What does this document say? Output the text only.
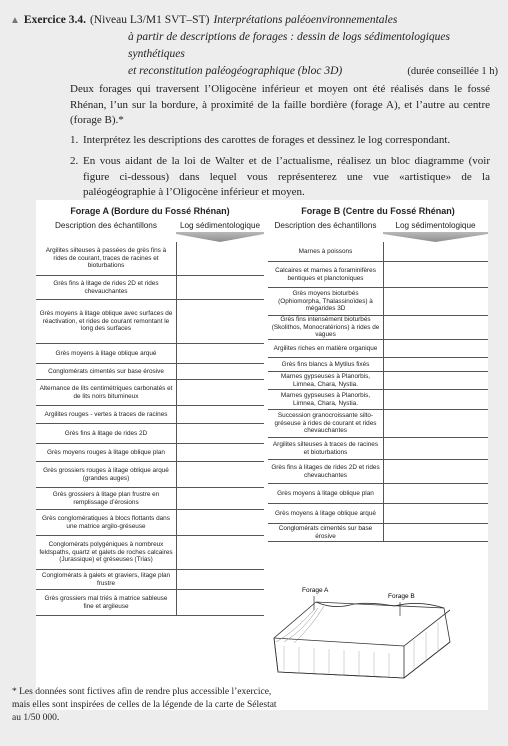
▲ Exercice 3.4. (Niveau L3/M1 SVT–ST) Interprétations paléoenvironnementales
à partir de descriptions de forages : dessin de logs sédimentologiques synthétiques
et reconstitution paléogéographique (bloc 3D)	(durée conseillée 1 h)

Deux forages qui traversent l’Oligocène inférieur et moyen ont été réalisés dans le fossé Rhénan, l’un sur la bordure, à proximité de la faille bordière (forage A), et l’autre au centre (forage B).*

1. Interprétez les descriptions des carottes de forages et dessinez le log correspondant.
2. En vous aidant de la loi de Walter et de l’actualisme, réalisez un bloc diagramme (voir figure ci-dessous) dans lequel vous représenterez une vue «artistique» de la paléogéographie à l’Oligocène inférieur et moyen.
Forage A (Bordure du Fossé Rhénan)
Description des échantillons	Log sédimentologique
Argilites silteuses à passées de grès fins à rides de courant, traces de racines et bioturbations
Grès fins à litage de rides 2D et rides chevauchantes
Grès moyens à litage oblique avec surfaces de réactivation, et rides de courant remontant le long des surfaces
Grès moyens à litage oblique arqué
Conglomérats cimentés sur base érosive
Alternance de lits centimétriques carbonatés et de lits noirs bitumineux
Argilites rouges - vertes à traces de racines
Grès fins à litage de rides 2D
Grès moyens rouges à litage oblique plan
Grès grossiers rouges à litage oblique arqué (grandes auges)
Grès grossiers à litage plan frustre en remplissage d’érosions
Grès conglomératiques à blocs flottants dans une matrice argilo-gréseuse
Conglomérats polygéniques à nombreux feldspaths, quartz et galets de roches calcaires (Jurassique) et gréseuses (Trias)
Conglomérats à galets et graviers, litage plan frustre
Grès grossiers mal triés à matrice sableuse fine et argileuse
Forage B (Centre du Fossé Rhénan)
Description des échantillons	Log sédimentologique
Marnes à poissons
Calcaires et marnes à foraminifères bentiques et planctoniques
Grès moyens bioturbés (Ophiomorpha, Thalassinoïdes) à mégarides 3D
Grès fins intensément bioturbés (Skolithos, Monocratérions) à rides de vagues
Argilites riches en matière organique
Grès fins blancs à Mytilus fixés
Marnes gypseuses à Planorbis, Limnea, Chara, Nystia.
Marnes gypseuses à Planorbis, Limnea, Chara, Nystia.
Succession granocroissante silto-gréseuse à rides de courant et rides chevauchantes
Argilites silteuses à traces de racines et bioturbations
Grès fins à litages de rides 2D et rides chevauchantes
Grès moyens à litage oblique plan
Grès moyens à litage oblique arqué
Conglomérats cimentés sur base érosive
Forage A
Forage B

* Les données sont fictives afin de rendre plus accessible l’exercice, mais elles sont inspirées de celles de la légende de la carte de Sélestat au 1/50 000.
